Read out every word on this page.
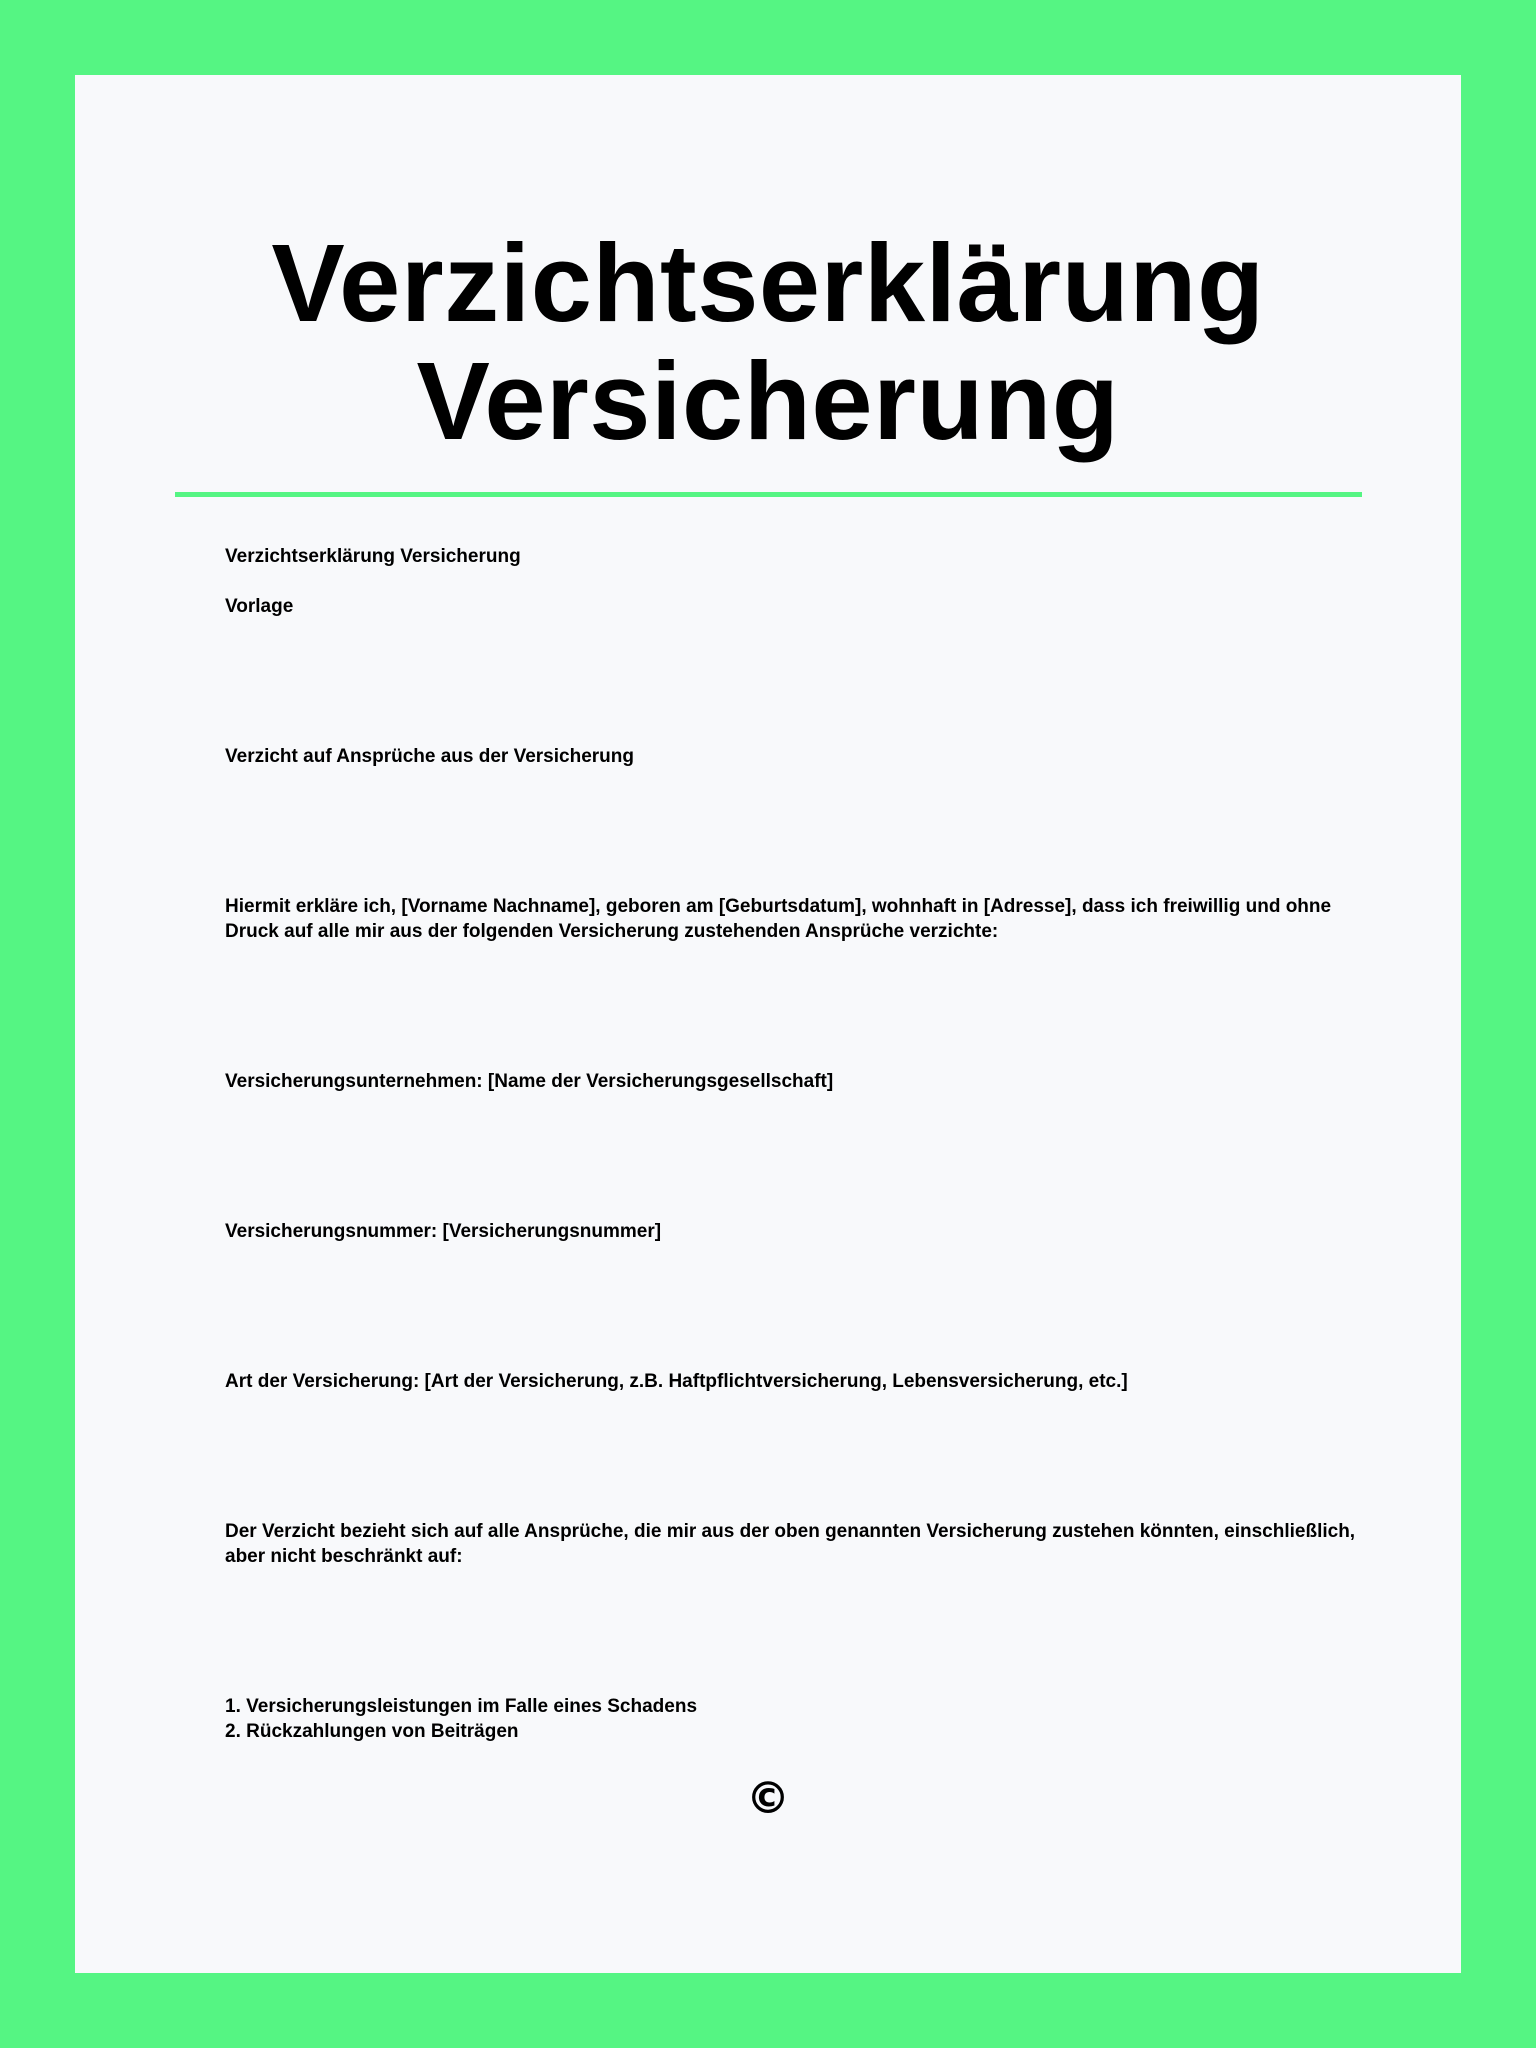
Verzichtserklärung
Versicherung

Verzichtserklärung Versicherung

Vorlage

Verzicht auf Ansprüche aus der Versicherung

Hiermit erkläre ich, [Vorname Nachname], geboren am [Geburtsdatum], wohnhaft in [Adresse], dass ich freiwillig und ohne Druck auf alle mir aus der folgenden Versicherung zustehenden Ansprüche verzichte:

Versicherungsunternehmen: [Name der Versicherungsgesellschaft]

Versicherungsnummer: [Versicherungsnummer]

Art der Versicherung: [Art der Versicherung, z.B. Haftpflichtversicherung, Lebensversicherung, etc.]

Der Verzicht bezieht sich auf alle Ansprüche, die mir aus der oben genannten Versicherung zustehen könnten, einschließlich, aber nicht beschränkt auf:

1. Versicherungsleistungen im Falle eines Schadens
2. Rückzahlungen von Beiträgen
©
